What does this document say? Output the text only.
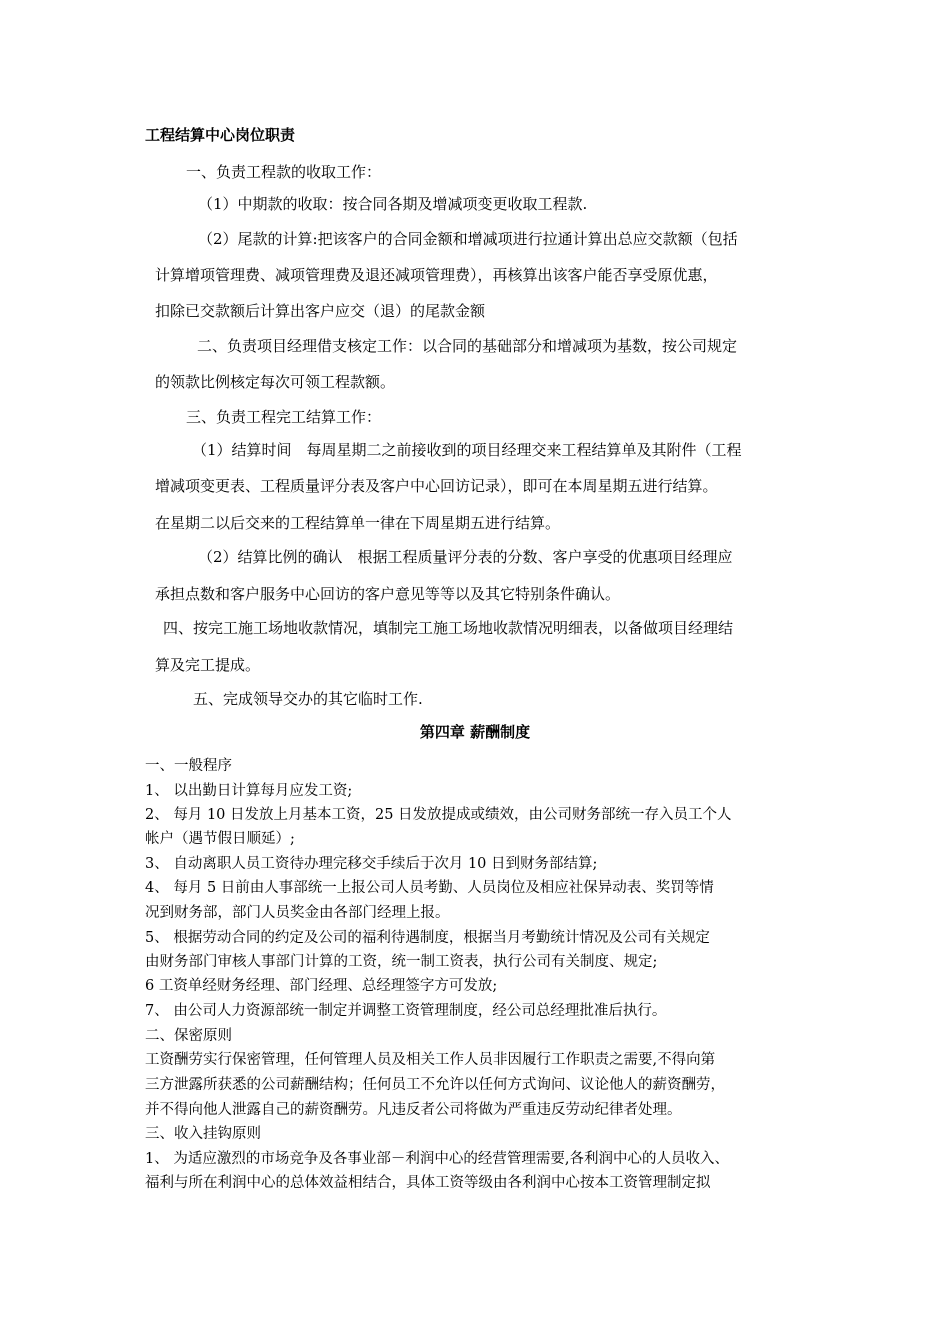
工程结算中心岗位职责
一、负责工程款的收取工作：
（1）中期款的收取：按合同各期及增减项变更收取工程款.
（2）尾款的计算:把该客户的合同金额和增减项进行拉通计算出总应交款额（包括
计算增项管理费、减项管理费及退还减项管理费），再核算出该客户能否享受原优惠，
扣除已交款额后计算出客户应交（退）的尾款金额
二、负责项目经理借支核定工作：以合同的基础部分和增减项为基数，按公司规定
的领款比例核定每次可领工程款额。
三、负责工程完工结算工作：
（1）结算时间　每周星期二之前接收到的项目经理交来工程结算单及其附件（工程
增减项变更表、工程质量评分表及客户中心回访记录），即可在本周星期五进行结算。
在星期二以后交来的工程结算单一律在下周星期五进行结算。
（2）结算比例的确认　根据工程质量评分表的分数、客户享受的优惠项目经理应
承担点数和客户服务中心回访的客户意见等等以及其它特别条件确认。
四、按完工施工场地收款情况，填制完工施工场地收款情况明细表，以备做项目经理结
算及完工提成。
五、完成领导交办的其它临时工作.
第四章 薪酬制度
一、一般程序
1、 以出勤日计算每月应发工资;
2、 每月 10 日发放上月基本工资，25 日发放提成或绩效，由公司财务部统一存入员工个人
帐户（遇节假日顺延）;
3、 自动离职人员工资待办理完移交手续后于次月 10 日到财务部结算;
4、 每月 5 日前由人事部统一上报公司人员考勤、人员岗位及相应社保异动表、奖罚等情
况到财务部，部门人员奖金由各部门经理上报。
5、 根据劳动合同的约定及公司的福利待遇制度，根据当月考勤统计情况及公司有关规定
由财务部门审核人事部门计算的工资，统一制工资表，执行公司有关制度、规定;
6 工资单经财务经理、部门经理、总经理签字方可发放;
7、 由公司人力资源部统一制定并调整工资管理制度，经公司总经理批准后执行。
二、保密原则
工资酬劳实行保密管理，任何管理人员及相关工作人员非因履行工作职责之需要,不得向第
三方泄露所获悉的公司薪酬结构；任何员工不允许以任何方式询问、议论他人的薪资酬劳，
并不得向他人泄露自己的薪资酬劳。凡违反者公司将做为严重违反劳动纪律者处理。
三、收入挂钩原则
1、 为适应激烈的市场竞争及各事业部－利润中心的经营管理需要,各利润中心的人员收入、
福利与所在利润中心的总体效益相结合，具体工资等级由各利润中心按本工资管理制定拟
